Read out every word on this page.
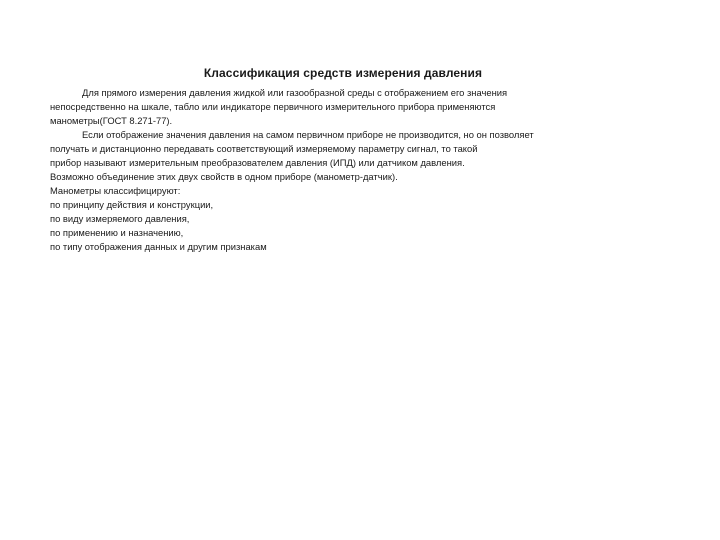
Классификация средств измерения давления
Для прямого измерения давления жидкой или газообразной среды с отображением его значения
непосредственно на шкале, табло или индикаторе первичного измерительного прибора применяются
манометры(ГОСТ 8.271-77).
Если отображение значения давления на самом первичном приборе не производится, но он позволяет
получать и дистанционно передавать соответствующий измеряемому параметру сигнал, то такой
прибор называют измерительным преобразователем давления (ИПД) или датчиком давления.
Возможно объединение этих двух свойств в одном приборе (манометр-датчик).
Манометры классифицируют:
по принципу действия и конструкции,
по виду измеряемого давления,
по применению и назначению,
по типу отображения данных и другим признакам
